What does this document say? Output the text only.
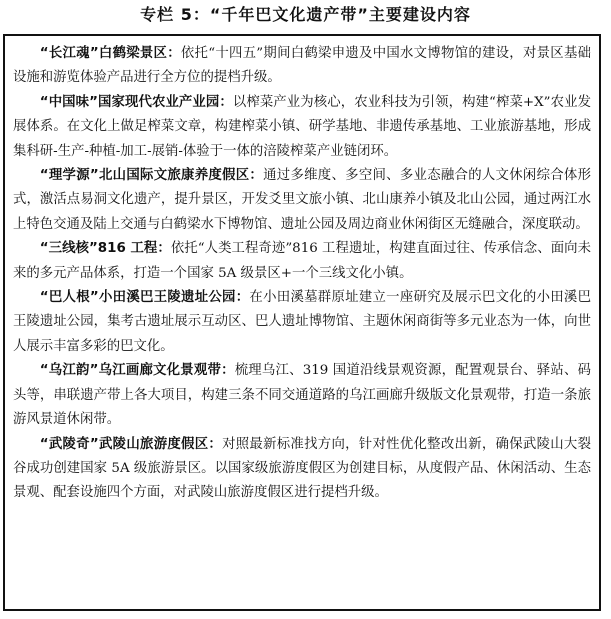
专栏 5：“千年巴文化遗产带”主要建设内容

“长江魂”白鹤梁景区：依托“十四五”期间白鹤梁申遗及中国水文博物馆的建设，对景区基础设施和游览体验产品进行全方位的提档升级。

“中国味”国家现代农业产业园：以榨菜产业为核心，农业科技为引领，构建“榨菜+X”农业发展体系。在文化上做足榨菜文章，构建榨菜小镇、研学基地、非遗传承基地、工业旅游基地，形成集科研-生产-种植-加工-展销-体验于一体的涪陵榨菜产业链闭环。

“理学源”北山国际文旅康养度假区：通过多维度、多空间、多业态融合的人文休闲综合体形式，激活点易洞文化遗产，提升景区，开发爻里文旅小镇、北山康养小镇及北山公园，通过两江水上特色交通及陆上交通与白鹤梁水下博物馆、遗址公园及周边商业休闲街区无缝融合，深度联动。

“三线核”816 工程：依托“人类工程奇迹”816 工程遗址，构建直面过往、传承信念、面向未来的多元产品体系，打造一个国家 5A 级景区+一个三线文化小镇。

“巴人根”小田溪巴王陵遗址公园：在小田溪墓群原址建立一座研究及展示巴文化的小田溪巴王陵遗址公园，集考古遗址展示互动区、巴人遗址博物馆、主题休闲商街等多元业态为一体，向世人展示丰富多彩的巴文化。

“乌江韵”乌江画廊文化景观带：梳理乌江、319 国道沿线景观资源，配置观景台、驿站、码头等，串联遗产带上各大项目，构建三条不同交通道路的乌江画廊升级版文化景观带，打造一条旅游风景道休闲带。

“武陵奇”武陵山旅游度假区：对照最新标准找方向，针对性优化整改出新，确保武陵山大裂谷成功创建国家 5A 级旅游景区。以国家级旅游度假区为创建目标，从度假产品、休闲活动、生态景观、配套设施四个方面，对武陵山旅游度假区进行提档升级。
